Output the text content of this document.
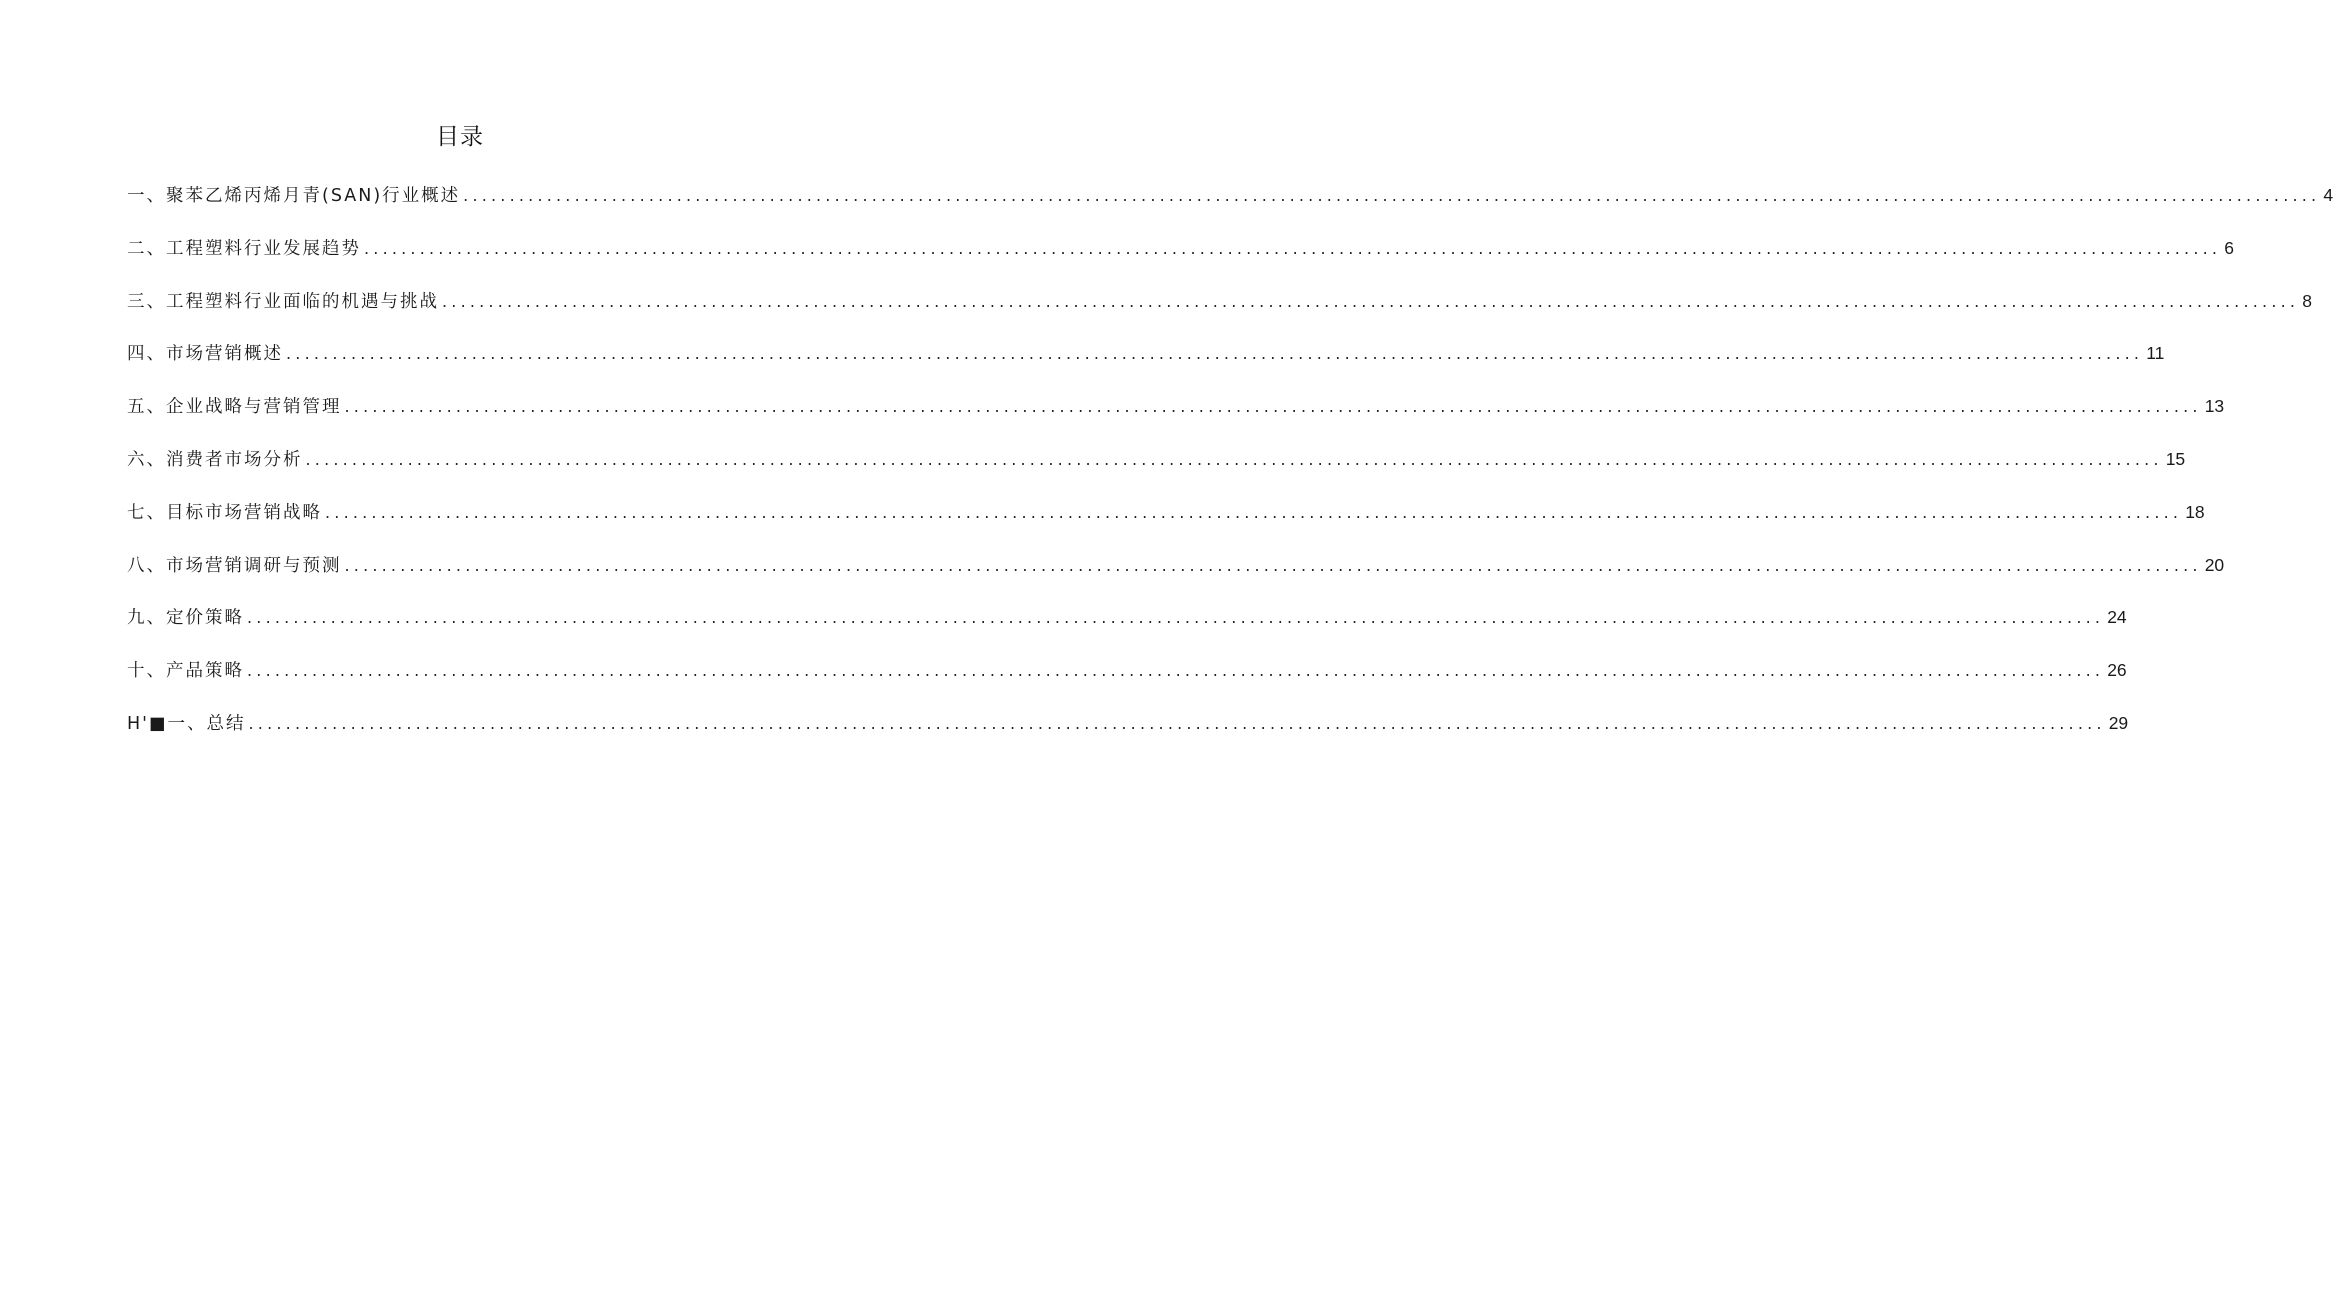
目录
一、聚苯乙烯丙烯月青(SAN)行业概述 ........................................................................................................................................................................................................ 4
二、工程塑料行业发展趋势 ........................................................................................................................................................................................................ 6
三、工程塑料行业面临的机遇与挑战 ........................................................................................................................................................................................................ 8
四、市场营销概述 ........................................................................................................................................................................................................ 11
五、企业战略与营销管理 ........................................................................................................................................................................................................ 13
六、消费者市场分析 ........................................................................................................................................................................................................ 15
七、目标市场营销战略 ........................................................................................................................................................................................................ 18
八、市场营销调研与预测 ........................................................................................................................................................................................................ 20
九、定价策略 ........................................................................................................................................................................................................ 24
十、产品策略 ........................................................................................................................................................................................................ 26
H'■一、总结 ........................................................................................................................................................................................................ 29
